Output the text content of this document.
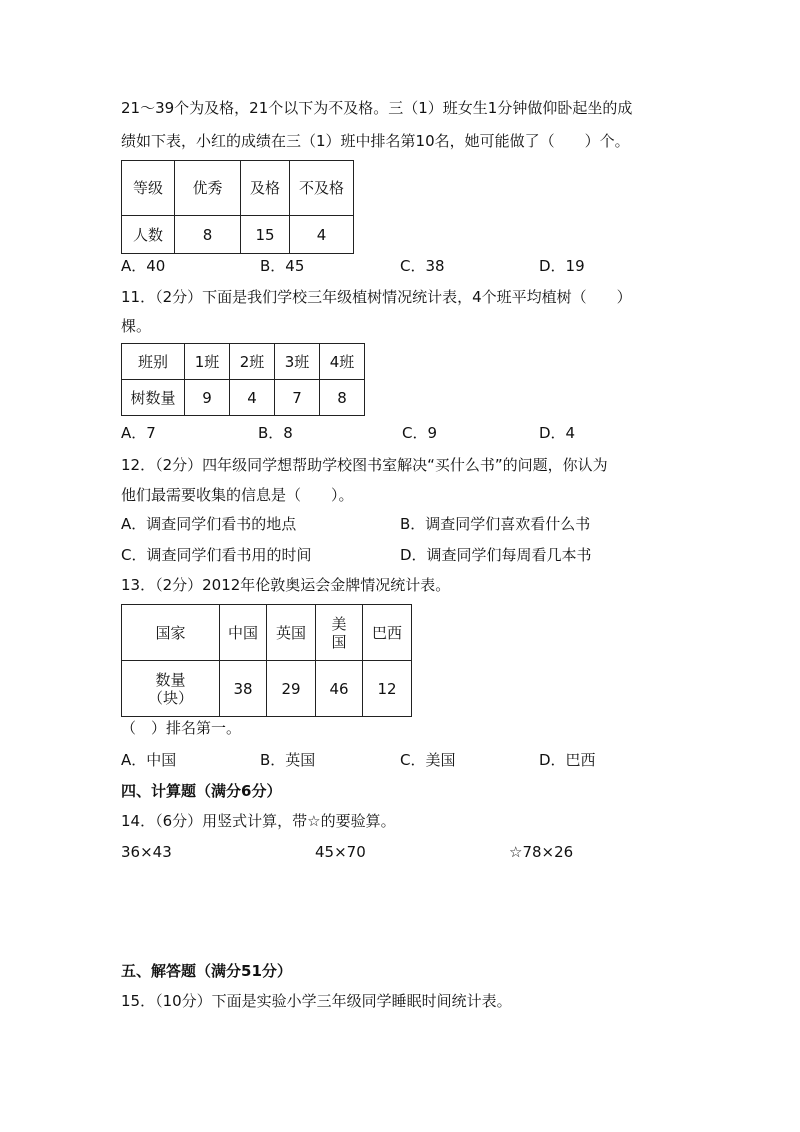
21～39个为及格，21个以下为不及格。三（1）班女生1分钟做仰卧起坐的成
绩如下表，小红的成绩在三（1）班中排名第10名，她可能做了（　　）个。
等级	优秀	及格	不及格
人数	8	15	4
A．40	B．45	C．38	D．19
11．（2分）下面是我们学校三年级植树情况统计表，4个班平均植树（　　）
棵。
班别	1班	2班	3班	4班
树数量	9	4	7	8
A．7	B．8	C．9	D．4
12．（2分）四年级同学想帮助学校图书室解决“买什么书”的问题，你认为
他们最需要收集的信息是（　　）。
A．调查同学们看书的地点	B．调查同学们喜欢看什么书
C．调查同学们看书用的时间	D．调查同学们每周看几本书
13．（2分）2012年伦敦奥运会金牌情况统计表。
国家	中国	英国	美国	巴西
数量（块）	38	29	46	12
（　）排名第一。
A．中国	B．英国	C．美国	D．巴西
四、计算题（满分6分）
14．（6分）用竖式计算，带☆的要验算。
36×43	45×70	☆78×26
五、解答题（满分51分）
15．（10分）下面是实验小学三年级同学睡眠时间统计表。
